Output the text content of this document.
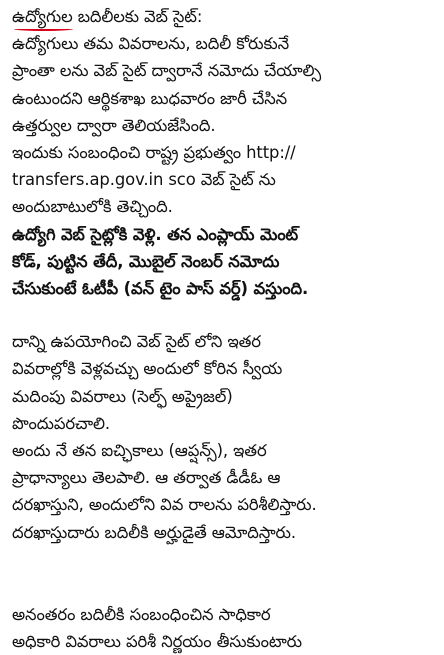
ఉద్యోగుల
బదిలీలకు వెబ్ సైట్:

ఉద్యోగులు తమ వివరాలను, బదిలీ కోరుకునే
ప్రాంతా లను వెబ్ సైట్ ద్వారానే నమోదు చేయాల్సి
ఉంటుందని ఆర్థికశాఖ బుధవారం జారీ చేసిన
ఉత్తర్వుల ద్వారా తెలియజేసింది.

ఇందుకు సంబంధించి రాష్ట్ర ప్రభుత్వం http://
transfers.ap.gov.in sco వెబ్ సైట్ ను
అందుబాటులోకి తెచ్చింది.

ఉద్యోగి వెబ్ సైట్లోకి వెళ్లి. తన ఎంప్లాయ్ మెంట్
కోడ్, పుట్టిన తేదీ, మొబైల్ నెంబర్ నమోదు
చేసుకుంటే ఓటీపీ (వన్ టైం పాస్ వర్డ్) వస్తుంది.

దాన్ని ఉపయోగించి వెబ్ సైట్ లోని ఇతర
వివరాల్లోకి వెళ్లవచ్చు అందులో కోరిన స్వీయ
మదింపు వివరాలు (సెల్ఫ్ అప్రైజల్)
పొందుపరచాలి.

అందు నే తన ఐచ్ఛికాలు (ఆప్షన్స్), ఇతర
ప్రాధాన్యాలు తెలపాలి. ఆ తర్వాత డీడీఓ ఆ
దరఖాస్తుని, అందులోని వివ రాలను పరిశీలిస్తారు.
దరఖాస్తుదారు బదిలీకి అర్హుడైతే ఆమోదిస్తారు.

అనంతరం బదిలీకి సంబంధించిన సాధికార
అధికారి వివరాలు పరిశీ నిర్ణయం తీసుకుంటారు
